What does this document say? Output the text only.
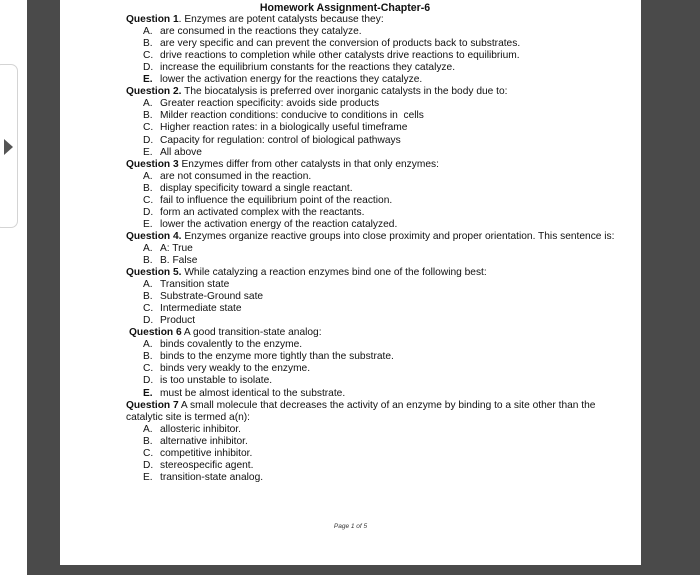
Homework Assignment-Chapter-6
Question 1. Enzymes are potent catalysts because they:
A. are consumed in the reactions they catalyze.
B. are very specific and can prevent the conversion of products back to substrates.
C. drive reactions to completion while other catalysts drive reactions to equilibrium.
D. increase the equilibrium constants for the reactions they catalyze.
E. lower the activation energy for the reactions they catalyze.
Question 2. The biocatalysis is preferred over inorganic catalysts in the body due to:
A. Greater reaction specificity: avoids side products
B. Milder reaction conditions: conducive to conditions in  cells
C. Higher reaction rates: in a biologically useful timeframe
D. Capacity for regulation: control of biological pathways
E. All above
Question 3 Enzymes differ from other catalysts in that only enzymes:
A. are not consumed in the reaction.
B. display specificity toward a single reactant.
C. fail to influence the equilibrium point of the reaction.
D. form an activated complex with the reactants.
E. lower the activation energy of the reaction catalyzed.
Question 4. Enzymes organize reactive groups into close proximity and proper orientation. This sentence is:
A. A: True
B. B. False
Question 5. While catalyzing a reaction enzymes bind one of the following best:
A. Transition state
B. Substrate-Ground sate
C. Intermediate state
D. Product
Question 6 A good transition-state analog:
A. binds covalently to the enzyme.
B. binds to the enzyme more tightly than the substrate.
C. binds very weakly to the enzyme.
D. is too unstable to isolate.
E. must be almost identical to the substrate.
Question 7 A small molecule that decreases the activity of an enzyme by binding to a site other than the catalytic site is termed a(n):
A. allosteric inhibitor.
B. alternative inhibitor.
C. competitive inhibitor.
D. stereospecific agent.
E. transition-state analog.
Page 1 of 5
